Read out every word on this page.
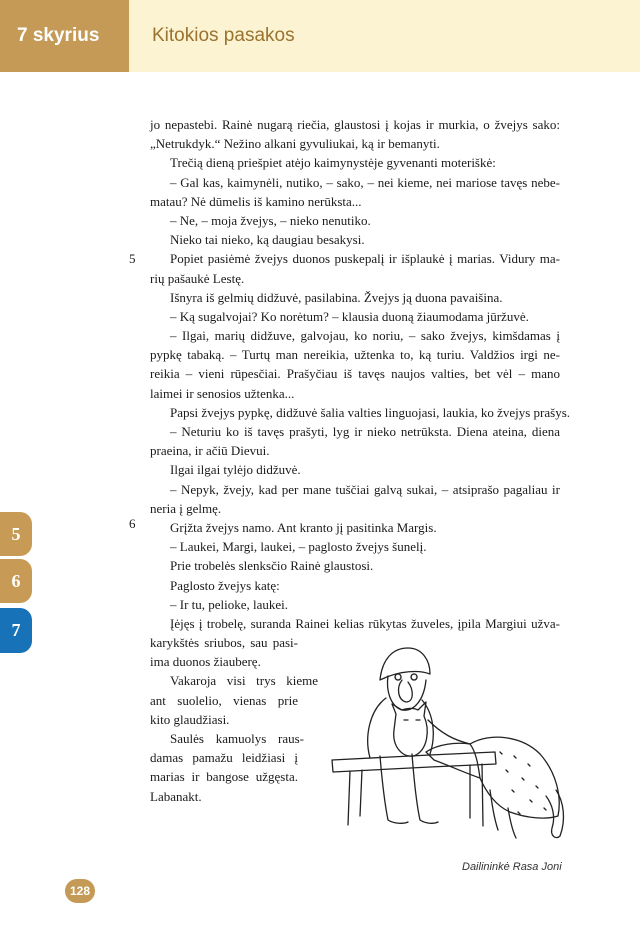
7 skyrius	Kitokios pasakos
5
6
jo nepastebi. Rainė nugarą riečia, glaustosi į kojas ir murkia, o žvejys sako:
„Netrukdyk.“ Nežino alkani gyvuliukai, ką ir bemanyti.
Trečią dieną priešpiet atėjo kaimynystėje gyvenanti moteriškė:
– Gal kas, kaimynėli, nutiko, – sako, – nei kieme, nei mariose tavęs nebe-
matau? Nė dūmelis iš kamino nerūksta...
– Ne, – moja žvejys, – nieko nenutiko.
Nieko tai nieko, ką daugiau besakysi.
Popiet pasiėmė žvejys duonos puskepalį ir išplaukė į marias. Vidury ma-
rių pašaukė Lestę.
Išnyra iš gelmių didžuvė, pasilabina. Žvejys ją duona pavaišina.
– Ką sugalvojai? Ko norėtum? – klausia duoną žiaumodama jūržuvė.
– Ilgai, marių didžuve, galvojau, ko noriu, – sako žvejys, kimšdamas į
pypkę tabaką. – Turtų man nereikia, užtenka to, ką turiu. Valdžios irgi ne-
reikia – vieni rūpesčiai. Prašyčiau iš tavęs naujos valties, bet vėl – mano
laimei ir senosios užtenka...
Papsi žvejys pypkę, didžuvė šalia valties linguojasi, laukia, ko žvejys prašys.
– Neturiu ko iš tavęs prašyti, lyg ir nieko netrūksta. Diena ateina, diena
praeina, ir ačiū Dievui.
Ilgai ilgai tylėjo didžuvė.
– Nepyk, žvejy, kad per mane tuščiai galvą sukai, – atsiprašo pagaliau ir
neria į gelmę.
Grįžta žvejys namo. Ant kranto jį pasitinka Margis.
– Laukei, Margi, laukei, – paglosto žvejys šunelį.
Prie trobelės slenksčio Rainė glaustosi.
Paglosto žvejys katę:
– Ir tu, pelioke, laukei.
Įėjęs į trobelę, suranda Rainei kelias rūkytas žuveles, įpila Margiui užva-
karykštės sriubos, sau pasi-
ima duonos žiauberę.
Vakaroja visi trys kieme
ant suolelio, vienas prie
kito glaudžiasi.
Saulės kamuolys raus-
damas pamažu leidžiasi į
marias ir bangose užgęsta.
Labanakt.
5
6
7
Dailininkė Rasa Joni
128
